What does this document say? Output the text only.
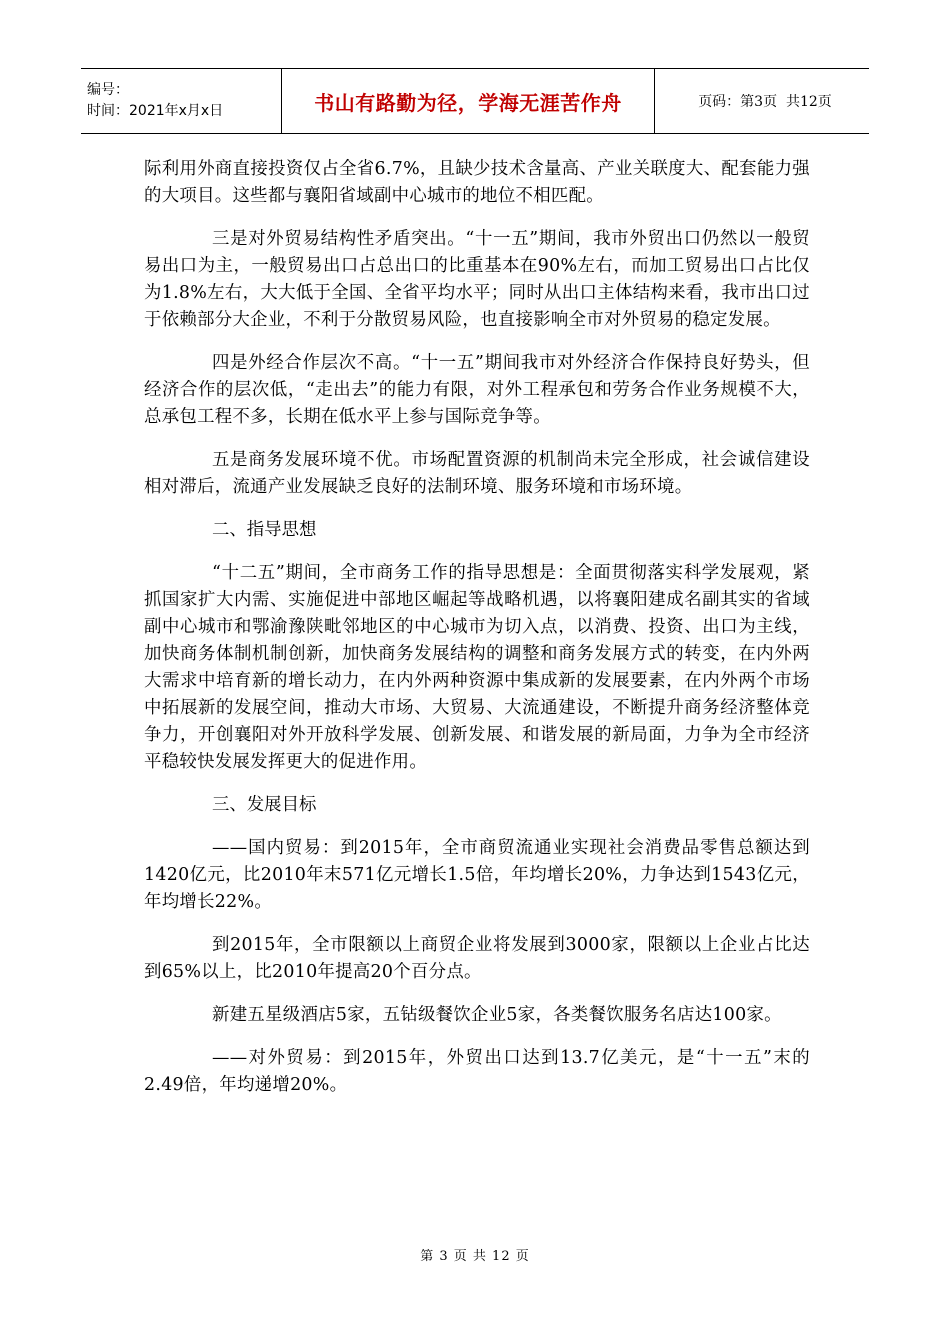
编号：
时间：2021年x月x日	书山有路勤为径，学海无涯苦作舟	页码：第3页  共12页

际利用外商直接投资仅占全省6.7%，且缺少技术含量高、产业关联度大、配套能力强的大项目。这些都与襄阳省域副中心城市的地位不相匹配。

三是对外贸易结构性矛盾突出。“十一五”期间，我市外贸出口仍然以一般贸易出口为主，一般贸易出口占总出口的比重基本在90%左右，而加工贸易出口占比仅为1.8%左右，大大低于全国、全省平均水平；同时从出口主体结构来看，我市出口过于依赖部分大企业，不利于分散贸易风险，也直接影响全市对外贸易的稳定发展。

四是外经合作层次不高。“十一五”期间我市对外经济合作保持良好势头，但经济合作的层次低，“走出去”的能力有限，对外工程承包和劳务合作业务规模不大，总承包工程不多，长期在低水平上参与国际竞争等。

五是商务发展环境不优。市场配置资源的机制尚未完全形成，社会诚信建设相对滞后，流通产业发展缺乏良好的法制环境、服务环境和市场环境。

二、指导思想

“十二五”期间，全市商务工作的指导思想是：全面贯彻落实科学发展观，紧抓国家扩大内需、实施促进中部地区崛起等战略机遇，以将襄阳建成名副其实的省域副中心城市和鄂渝豫陕毗邻地区的中心城市为切入点，以消费、投资、出口为主线，加快商务体制机制创新，加快商务发展结构的调整和商务发展方式的转变，在内外两大需求中培育新的增长动力，在内外两种资源中集成新的发展要素，在内外两个市场中拓展新的发展空间，推动大市场、大贸易、大流通建设，不断提升商务经济整体竞争力，开创襄阳对外开放科学发展、创新发展、和谐发展的新局面，力争为全市经济平稳较快发展发挥更大的促进作用。

三、发展目标

——国内贸易：到2015年，全市商贸流通业实现社会消费品零售总额达到1420亿元，比2010年末571亿元增长1.5倍，年均增长20%，力争达到1543亿元，年均增长22%。

到2015年，全市限额以上商贸企业将发展到3000家，限额以上企业占比达到65%以上，比2010年提高20个百分点。

新建五星级酒店5家，五钻级餐饮企业5家，各类餐饮服务名店达100家。

——对外贸易：到2015年，外贸出口达到13.7亿美元，是“十一五”末的2.49倍，年均递增20%。

第 3 页 共 12 页
